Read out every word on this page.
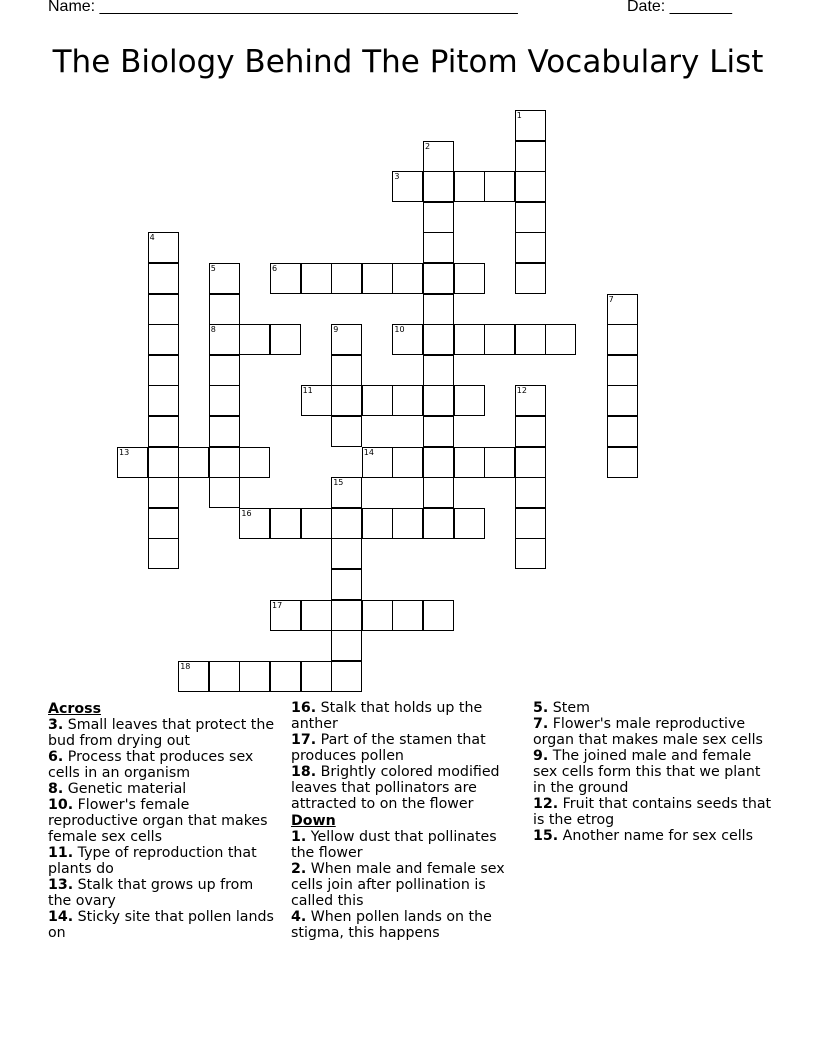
Name: _______________________________________________

	Date: _______

The Biology Behind The Pitom Vocabulary List
1
2
3
4
5
8
6
7
9	10
11	12
13	14
15
16
17
18
Across
3. Small leaves that protect the bud from drying out
6. Process that produces sex cells in an organism
8. Genetic material
10. Flower's female reproductive organ that makes female sex cells
11. Type of reproduction that plants do
13. Stalk that grows up from the ovary
14. Sticky site that pollen lands on
16. Stalk that holds up the anther
17. Part of the stamen that produces pollen
18. Brightly colored modified leaves that pollinators are attracted to on the flower
Down
1. Yellow dust that pollinates the flower
2. When male and female sex cells join after pollination is called this
4. When pollen lands on the stigma, this happens
5. Stem
7. Flower's male reproductive organ that makes male sex cells
9. The joined male and female sex cells form this that we plant in the ground
12. Fruit that contains seeds that is the etrog
15. Another name for sex cells
